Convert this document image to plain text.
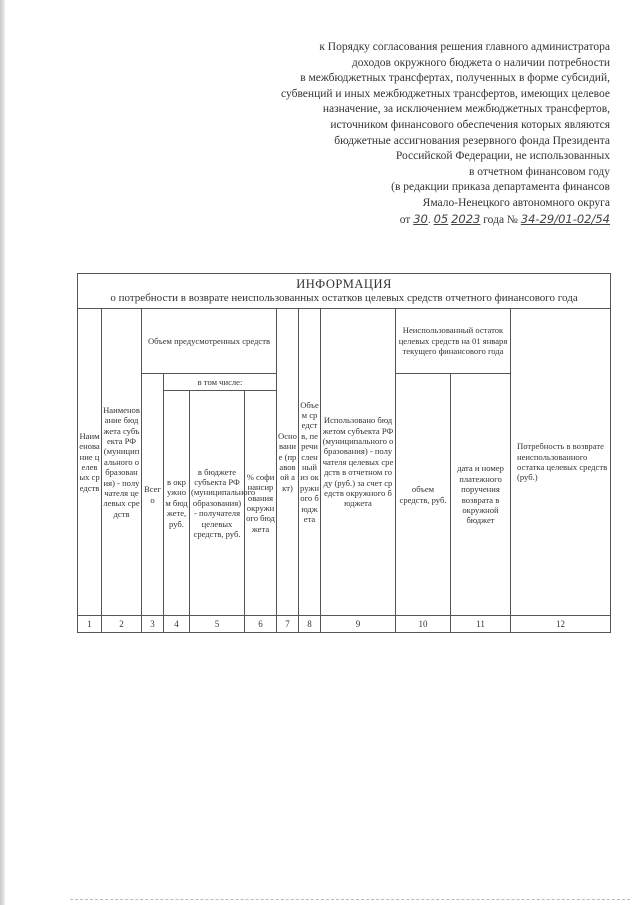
к Порядку согласования решения главного администратора
доходов окружного бюджета о наличии потребности
в межбюджетных трансфертах, полученных в форме субсидий,
субвенций и иных межбюджетных трансфертов, имеющих целевое
назначение, за исключением межбюджетных трансфертов,
источником финансового обеспечения которых являются
бюджетные ассигнования резервного фонда Президента
Российской Федерации, не использованных
в отчетном финансовом году
(в редакции приказа департамента финансов
Ямало-Ненецкого автономного округа
от 30. 05 2023 года № 34-29/01-02/54
ИНФОРМАЦИЯ
о потребности в возврате неиспользованных остатков целевых средств отчетного финансового года											

Наименование целевых средств	Наименование бюджета субъекта РФ (муниципального образования) - получателя целевых средств	Объем предусмотренных средств				Основание (правовой акт)	Объем средств, перечисленный из окружного бюджета	Использовано бюджетом субъекта РФ (муниципального образования) - получателя целевых средств в отчетном году (руб.) за счет средств окружного бюджета	Неиспользованный остаток целевых средств на 01 января текущего финансового года		Потребность в возврате неиспользованного остатка целевых средств (руб.)
		Всего	в том числе:						объем средств, руб.	дата и номер платежного поручения возврата в окружной бюджет	
			в окружном бюджете, руб.	в бюджете субъекта РФ (муниципального образования) - получателя целевых средств, руб.	% софинансирования окружного бюджета						
1	2	3	4	5	6	7	8	9	10	11	12
